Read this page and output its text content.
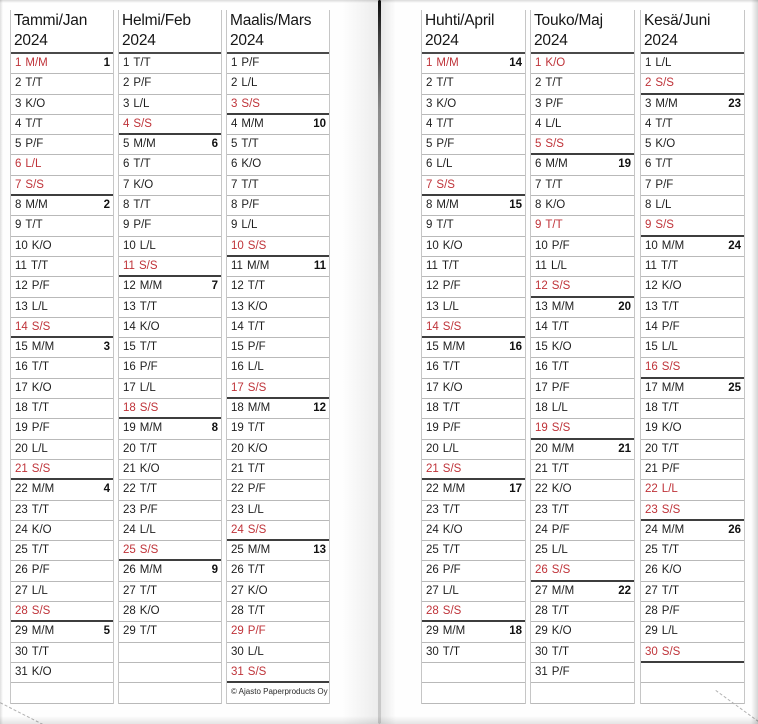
Tammi/Jan
2024
1 M/M	1
2 T/T
3 K/O
4 T/T
5 P/F
6 L/L
7 S/S
8 M/M	2
9 T/T
10 K/O
11 T/T
12 P/F
13 L/L
14 S/S
15 M/M	3
16 T/T
17 K/O
18 T/T
19 P/F
20 L/L
21 S/S
22 M/M	4
23 T/T
24 K/O
25 T/T
26 P/F
27 L/L
28 S/S
29 M/M	5
30 T/T
31 K/O
Helmi/Feb
2024
1 T/T
2 P/F
3 L/L
4 S/S
5 M/M	6
6 T/T
7 K/O
8 T/T
9 P/F
10 L/L
11 S/S
12 M/M	7
13 T/T
14 K/O
15 T/T
16 P/F
17 L/L
18 S/S
19 M/M	8
20 T/T
21 K/O
22 T/T
23 P/F
24 L/L
25 S/S
26 M/M	9
27 T/T
28 K/O
29 T/T
Maalis/Mars
2024
1 P/F
2 L/L
3 S/S
4 M/M	10
5 T/T
6 K/O
7 T/T
8 P/F
9 L/L
10 S/S
11 M/M	11
12 T/T
13 K/O
14 T/T
15 P/F
16 L/L
17 S/S
18 M/M	12
19 T/T
20 K/O
21 T/T
22 P/F
23 L/L
24 S/S
25 M/M	13
26 T/T
27 K/O
28 T/T
29 P/F
30 L/L
31 S/S
© Ajasto Paperproducts Oy
Huhti/April
2024
1 M/M	14
2 T/T
3 K/O
4 T/T
5 P/F
6 L/L
7 S/S
8 M/M	15
9 T/T
10 K/O
11 T/T
12 P/F
13 L/L
14 S/S
15 M/M	16
16 T/T
17 K/O
18 T/T
19 P/F
20 L/L
21 S/S
22 M/M	17
23 T/T
24 K/O
25 T/T
26 P/F
27 L/L
28 S/S
29 M/M	18
30 T/T
Touko/Maj
2024
1 K/O
2 T/T
3 P/F
4 L/L
5 S/S
6 M/M	19
7 T/T
8 K/O
9 T/T
10 P/F
11 L/L
12 S/S
13 M/M	20
14 T/T
15 K/O
16 T/T
17 P/F
18 L/L
19 S/S
20 M/M	21
21 T/T
22 K/O
23 T/T
24 P/F
25 L/L
26 S/S
27 M/M	22
28 T/T
29 K/O
30 T/T
31 P/F
Kesä/Juni
2024
1 L/L
2 S/S
3 M/M	23
4 T/T
5 K/O
6 T/T
7 P/F
8 L/L
9 S/S
10 M/M	24
11 T/T
12 K/O
13 T/T
14 P/F
15 L/L
16 S/S
17 M/M	25
18 T/T
19 K/O
20 T/T
21 P/F
22 L/L
23 S/S
24 M/M	26
25 T/T
26 K/O
27 T/T
28 P/F
29 L/L
30 S/S
